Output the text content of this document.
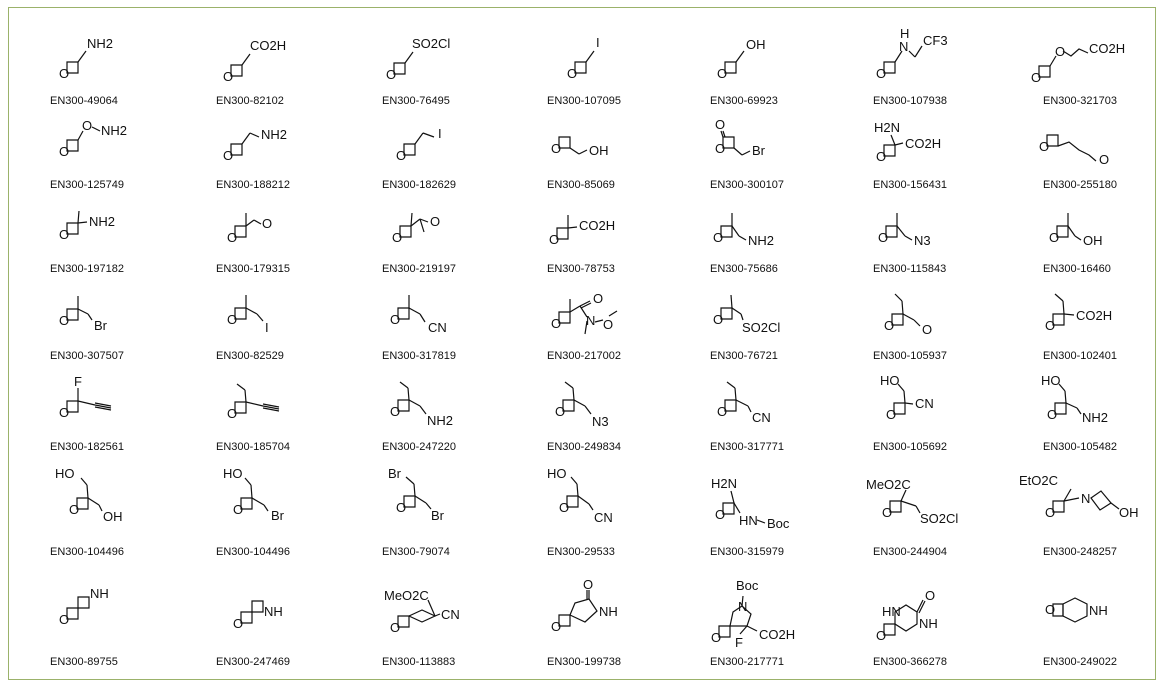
O
NH2
EN300-49064
O
CO2H
EN300-82102
O
SO2Cl
EN300-76495
O
I
EN300-107095
O
OH
EN300-69923
O
H
N CF3
EN300-107938
O
O CO2H
EN300-321703
O
O NH2
EN300-125749
O
NH2
EN300-188212
O
I
EN300-182629
O OH
EN300-85069
O
O Br
EN300-300107
O
H2N
CO2H
EN300-156431
O
O
EN300-255180
O
NH2
EN300-197182
O
O
EN300-179315
O
O
EN300-219197
O
CO2H
EN300-78753
O NH2
EN300-75686
O N3
EN300-115843
O OH
EN300-16460
O Br
EN300-307507
O
I
EN300-82529
O
CN
EN300-317819
O
O
N O
EN300-217002
O
SO2Cl
EN300-76721
O O
EN300-105937
O
CO2H
EN300-102401
O
F
EN300-182561
O
EN300-185704
O
NH2
EN300-247220
O
N3
EN300-249834
O CN
EN300-317771
O
HO
CN
EN300-105692
O
HO
NH2
EN300-105482
O
HO
OH
EN300-104496
O
HO
Br
EN300-104496
O
Br
Br
EN300-79074
O
HO
CN
EN300-29533
O
H2N
HN Boc
EN300-315979
O
MeO2C
SO2Cl
EN300-244904
O
EtO2C
N
OH
EN300-248257
O
NH
EN300-89755
O
NH
EN300-247469
O
MeO2C
CN
EN300-113883
O
O
NH
EN300-199738
O
Boc
N
F
CO2H
EN300-217771
O
O
HN
NH
EN300-366278
O	NH
EN300-249022
